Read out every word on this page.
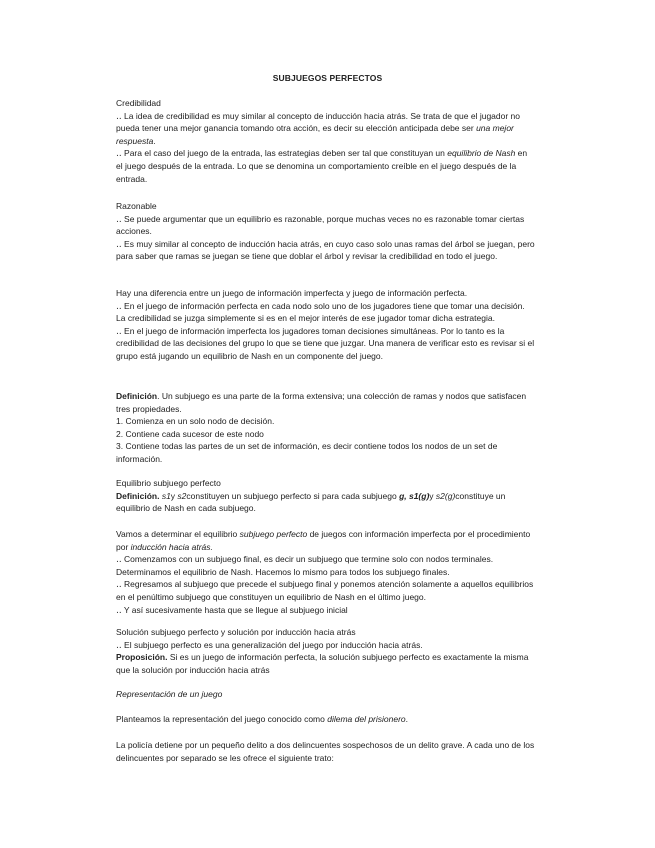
SUBJUEGOS PERFECTOS

Credibilidad

‥ La idea de credibilidad es muy similar al concepto de inducción hacia atrás. Se trata de que el jugador no pueda tener una mejor ganancia tomando otra acción, es decir su elección anticipada debe ser una mejor respuesta.

‥ Para el caso del juego de la entrada, las estrategias deben ser tal que constituyan un equilibrio de Nash en el juego después de la entrada. Lo que se denomina un comportamiento creíble en el juego después de la entrada.

Razonable

‥ Se puede argumentar que un equilibrio es razonable, porque muchas veces no es razonable tomar ciertas acciones.

‥ Es muy similar al concepto de inducción hacia atrás, en cuyo caso solo unas ramas del árbol se juegan, pero para saber que ramas se juegan se tiene que doblar el árbol y revisar la credibilidad en todo el juego.

Hay una diferencia entre un juego de información imperfecta y juego de información perfecta.

‥ En el juego de información perfecta en cada nodo solo uno de los jugadores tiene que tomar una decisión. La credibilidad se juzga simplemente si es en el mejor interés de ese jugador tomar dicha estrategia.

‥ En el juego de información imperfecta los jugadores toman decisiones simultáneas. Por lo tanto es la credibilidad de las decisiones del grupo lo que se tiene que juzgar. Una manera de verificar esto es revisar si el grupo está jugando un equilibrio de Nash en un componente del juego.

Definición. Un subjuego es una parte de la forma extensiva; una colección de ramas y nodos que satisfacen tres propiedades.

1. Comienza en un solo nodo de decisión.

2. Contiene cada sucesor de este nodo

3. Contiene todas las partes de un set de información, es decir contiene todos los nodos de un set de información.

Equilibrio subjuego perfecto

Definición. s1y s2constituyen un subjuego perfecto si para cada subjuego g, s1(g)y s2(g)constituye un equilibrio de Nash en cada subjuego.

Vamos a determinar el equilibrio subjuego perfecto de juegos con información imperfecta por el procedimiento por inducción hacia atrás.

‥ Comenzamos con un subjuego final, es decir un subjuego que termine solo con nodos terminales. Determinamos el equilibrio de Nash. Hacemos lo mismo para todos los subjuego finales.

‥ Regresamos al subjuego que precede el subjuego final y ponemos atención solamente a aquellos equilibrios en el penúltimo subjuego que constituyen un equilibrio de Nash en el último juego.

‥ Y así sucesivamente hasta que se llegue al subjuego inicial

Solución subjuego perfecto y solución por inducción hacia atrás

‥ El subjuego perfecto es una generalización del juego por inducción hacia atrás.

Proposición. Si es un juego de información perfecta, la solución subjuego perfecto es exactamente la misma que la solución por inducción hacia atrás

Representación de un juego

Planteamos la representación del juego conocido como dilema del prisionero.

La policía detiene por un pequeño delito a dos delincuentes sospechosos de un delito grave. A cada uno de los delincuentes por separado se les ofrece el siguiente trato:
